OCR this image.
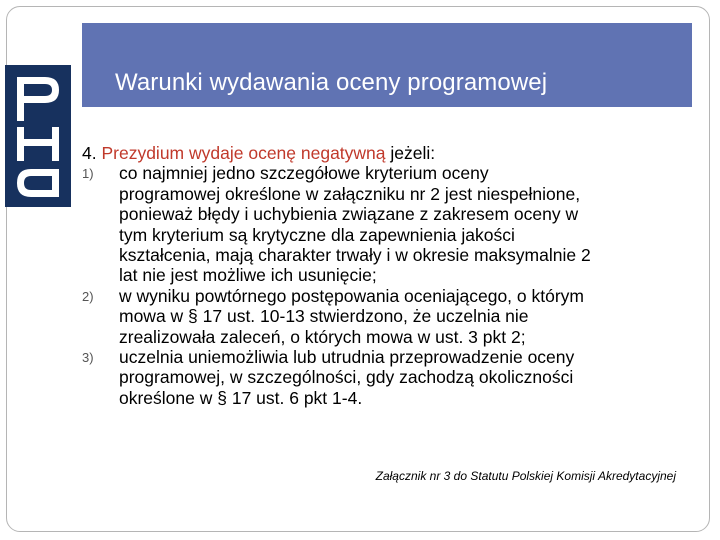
Warunki wydawania oceny programowej

4. Prezydium wydaje ocenę negatywną jeżeli:

1) co najmniej jedno szczegółowe kryterium oceny
programowej określone w załączniku nr 2 jest niespełnione,
ponieważ błędy i uchybienia związane z zakresem oceny w
tym kryterium są krytyczne dla zapewnienia jakości
kształcenia, mają charakter trwały i w okresie maksymalnie 2
lat nie jest możliwe ich usunięcie;
2) w wyniku powtórnego postępowania oceniającego, o którym
mowa w § 17 ust. 10-13 stwierdzono, że uczelnia nie
zrealizowała zaleceń, o których mowa w ust. 3 pkt 2;
3) uczelnia uniemożliwia lub utrudnia przeprowadzenie oceny
programowej, w szczególności, gdy zachodzą okoliczności
określone w § 17 ust. 6 pkt 1-4.

Załącznik nr 3 do Statutu Polskiej Komisji Akredytacyjnej
